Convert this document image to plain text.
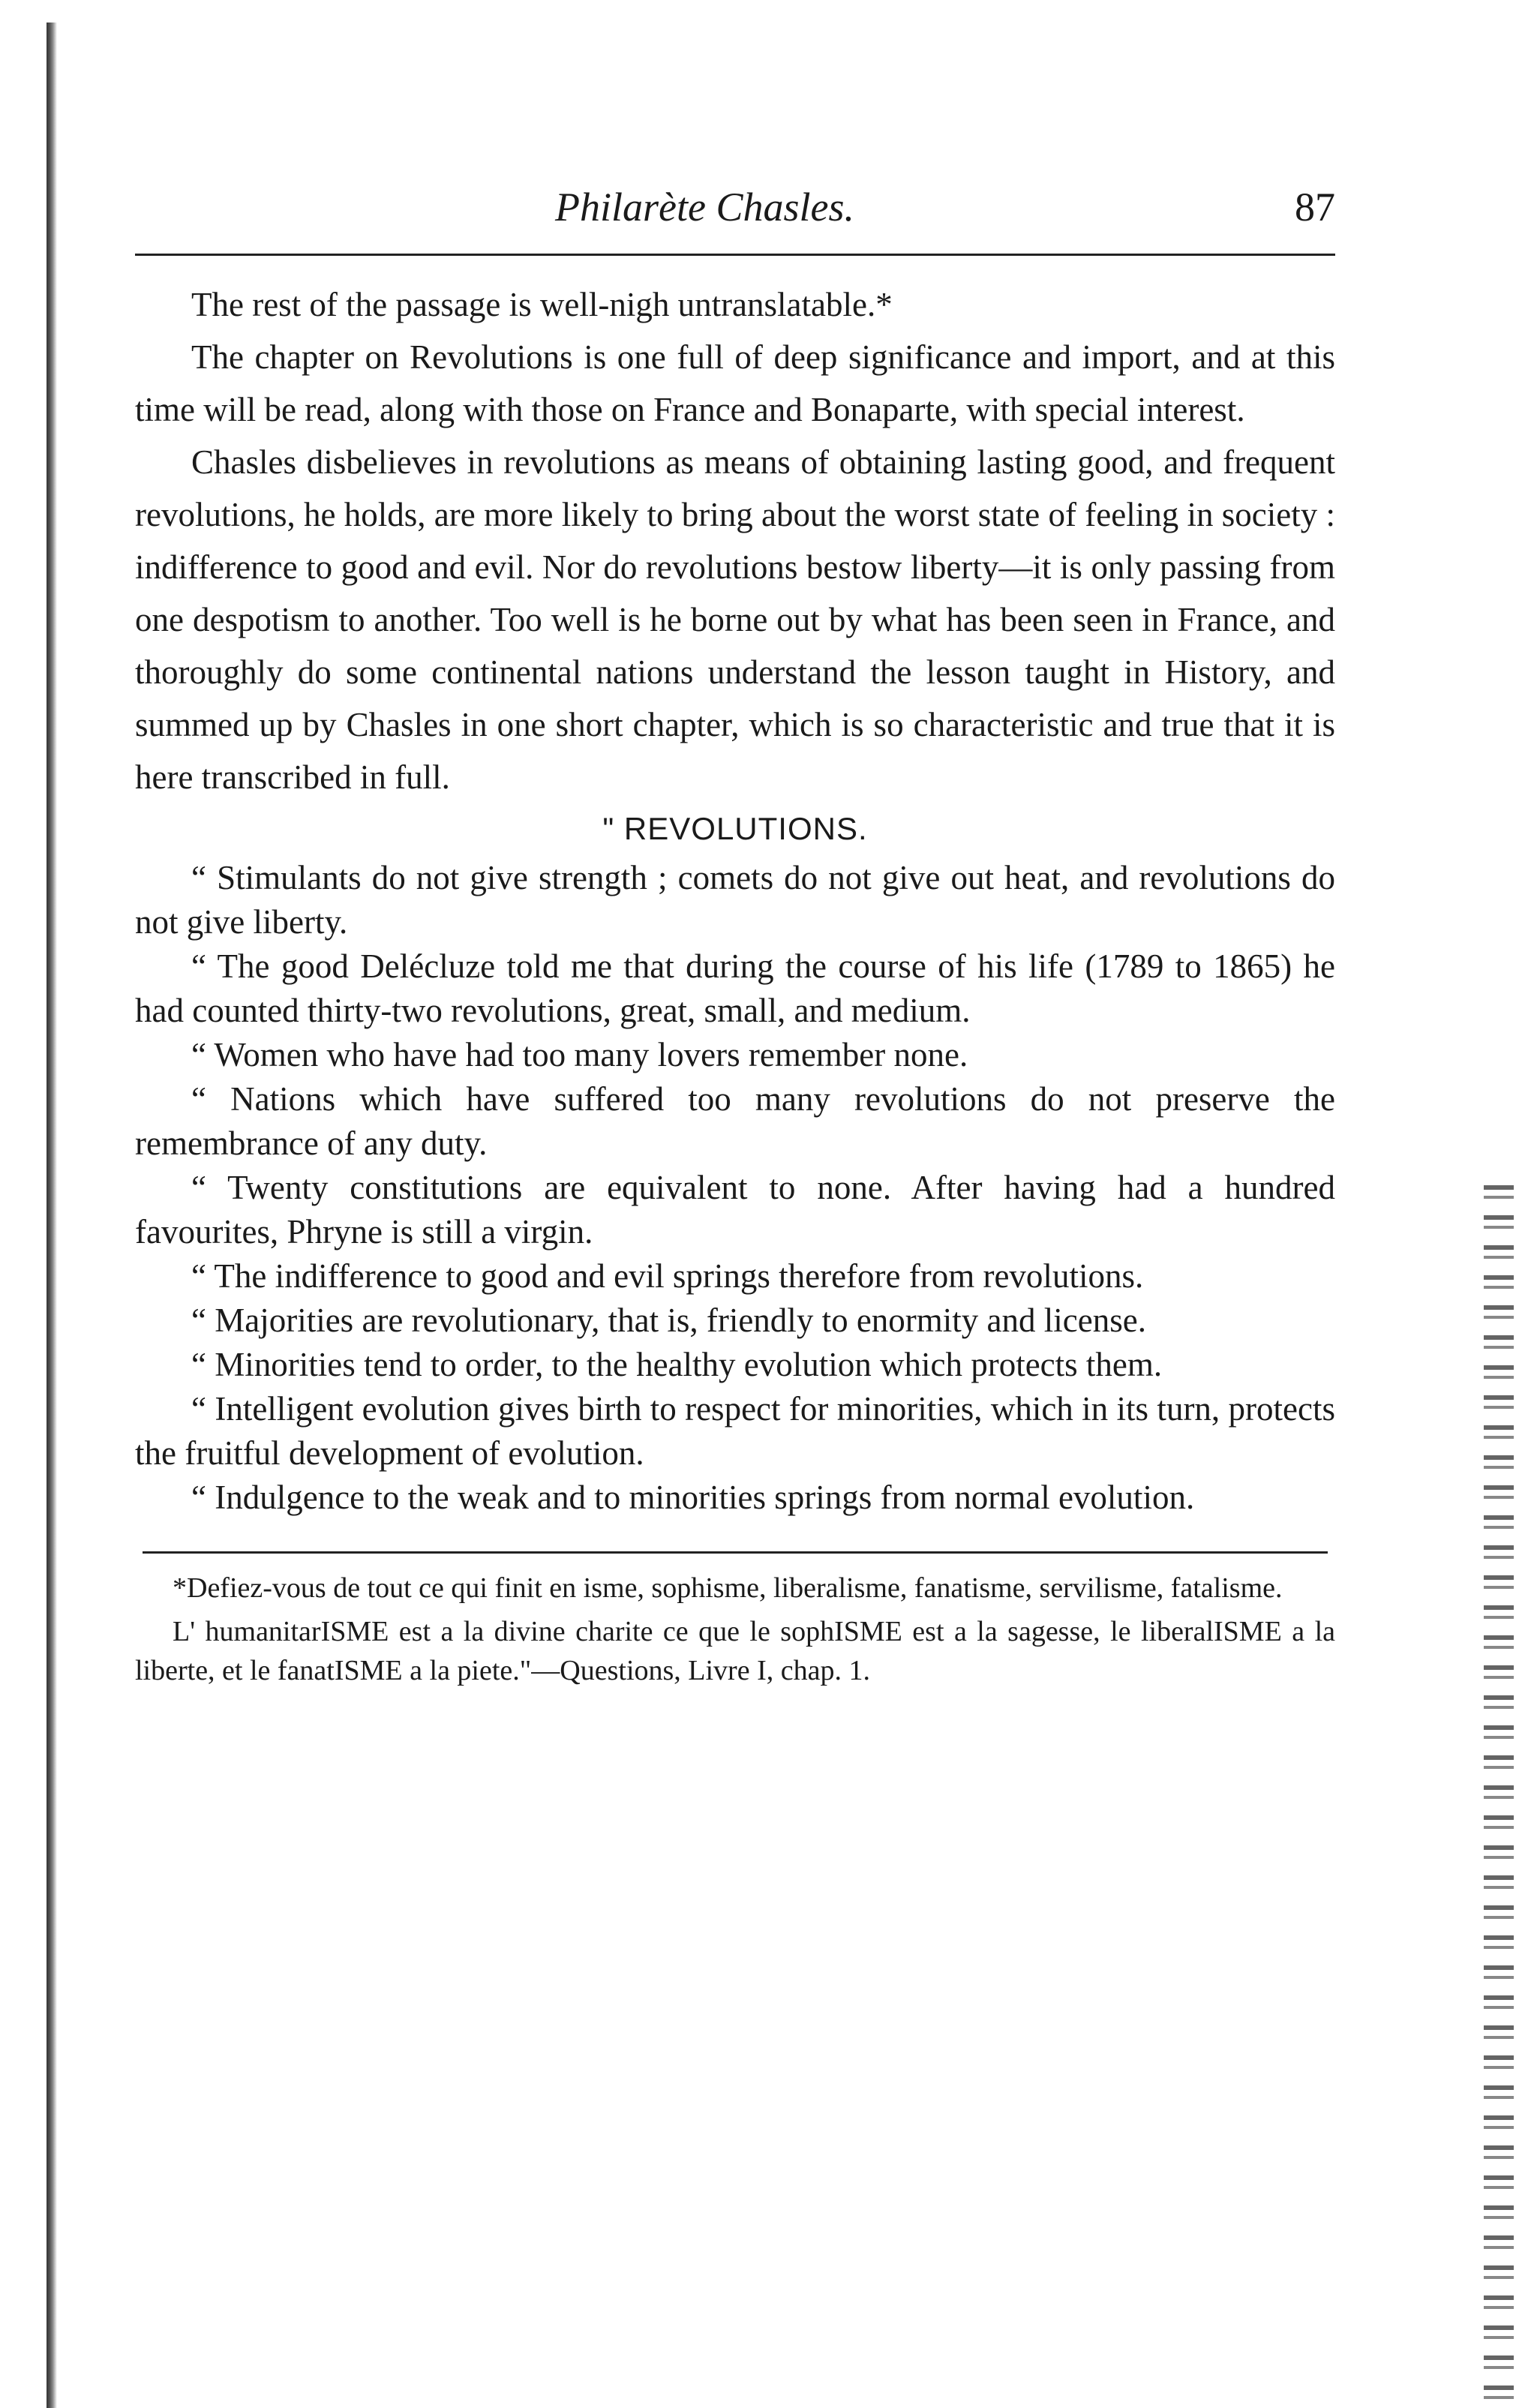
Philarète Chasles.	87

The rest of the passage is well-nigh untranslatable.*

The chapter on Revolutions is one full of deep significance and import, and at this time will be read, along with those on France and Bonaparte, with special interest.

Chasles disbelieves in revolutions as means of obtaining lasting good, and frequent revolutions, he holds, are more likely to bring about the worst state of feeling in society : indifference to good and evil. Nor do revolutions bestow liberty—it is only passing from one despotism to another. Too well is he borne out by what has been seen in France, and thoroughly do some continental nations understand the lesson taught in History, and summed up by Chasles in one short chapter, which is so characteristic and true that it is here transcribed in full.

" REVOLUTIONS.

“ Stimulants do not give strength ; comets do not give out heat, and revolutions do not give liberty.

“ The good Delécluze told me that during the course of his life (1789 to 1865) he had counted thirty-two revolutions, great, small, and medium.

“ Women who have had too many lovers remember none.

“ Nations which have suffered too many revolutions do not preserve the remembrance of any duty.

“ Twenty constitutions are equivalent to none. After having had a hundred favourites, Phryne is still a virgin.

“ The indifference to good and evil springs therefore from revolutions.

“ Majorities are revolutionary, that is, friendly to enormity and license.

“ Minorities tend to order, to the healthy evolution which protects them.

“ Intelligent evolution gives birth to respect for minorities, which in its turn, protects the fruitful development of evolution.

“ Indulgence to the weak and to minorities springs from normal evolution.

*Defiez-vous de tout ce qui finit en isme, sophisme, liberalisme, fanatisme, servilisme, fatalisme.

L' humanitarISME est a la divine charite ce que le sophISME est a la sagesse, le liberalISME a la liberte, et le fanatISME a la piete."—Questions, Livre I, chap. 1.
